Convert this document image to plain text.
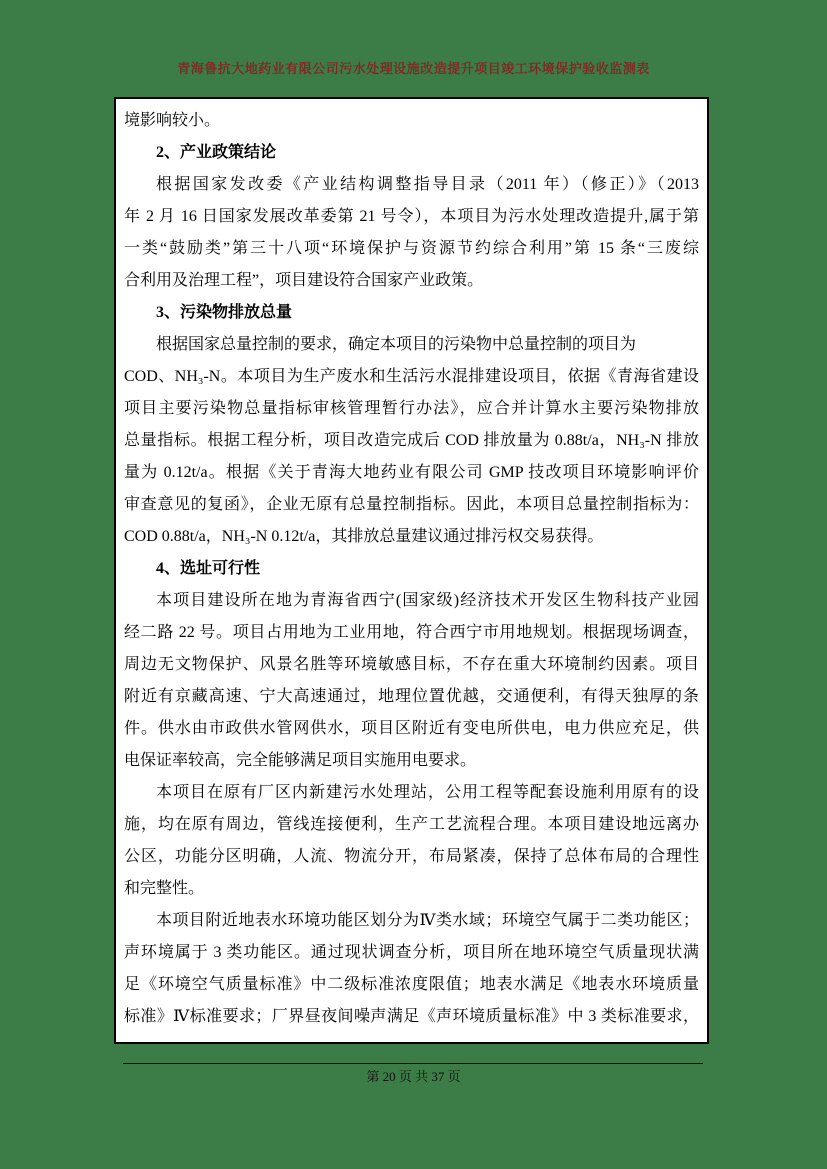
青海鲁抗大地药业有限公司污水处理设施改造提升项目竣工环境保护验收监测表
境影响较小。
2、产业政策结论
根据国家发改委《产业结构调整指导目录（2011 年）（修正）》（2013
年 2 月 16 日国家发展改革委第 21 号令），本项目为污水处理改造提升,属于第
一类“鼓励类”第三十八项“环境保护与资源节约综合利用”第 15 条“三废综
合利用及治理工程”，项目建设符合国家产业政策。
3、污染物排放总量
根据国家总量控制的要求，确定本项目的污染物中总量控制的项目为
COD、NH₃-N。本项目为生产废水和生活污水混排建设项目，依据《青海省建设
项目主要污染物总量指标审核管理暂行办法》，应合并计算水主要污染物排放
总量指标。根据工程分析，项目改造完成后 COD 排放量为 0.88t/a，NH₃-N 排放
量为 0.12t/a。根据《关于青海大地药业有限公司 GMP 技改项目环境影响评价
审查意见的复函》，企业无原有总量控制指标。因此，本项目总量控制指标为：
COD 0.88t/a，NH₃-N 0.12t/a，其排放总量建议通过排污权交易获得。
4、选址可行性
本项目建设所在地为青海省西宁(国家级)经济技术开发区生物科技产业园
经二路 22 号。项目占用地为工业用地，符合西宁市用地规划。根据现场调查，
周边无文物保护、风景名胜等环境敏感目标，不存在重大环境制约因素。项目
附近有京藏高速、宁大高速通过，地理位置优越，交通便利，有得天独厚的条
件。供水由市政供水管网供水，项目区附近有变电所供电，电力供应充足，供
电保证率较高，完全能够满足项目实施用电要求。
本项目在原有厂区内新建污水处理站，公用工程等配套设施利用原有的设
施，均在原有周边，管线连接便利，生产工艺流程合理。本项目建设地远离办
公区，功能分区明确，人流、物流分开，布局紧凑，保持了总体布局的合理性
和完整性。
本项目附近地表水环境功能区划分为Ⅳ类水域；环境空气属于二类功能区；
声环境属于 3 类功能区。通过现状调查分析，项目所在地环境空气质量现状满
足《环境空气质量标准》中二级标准浓度限值；地表水满足《地表水环境质量
标准》Ⅳ标准要求；厂界昼夜间噪声满足《声环境质量标准》中 3 类标准要求，
第 20 页 共 37 页
